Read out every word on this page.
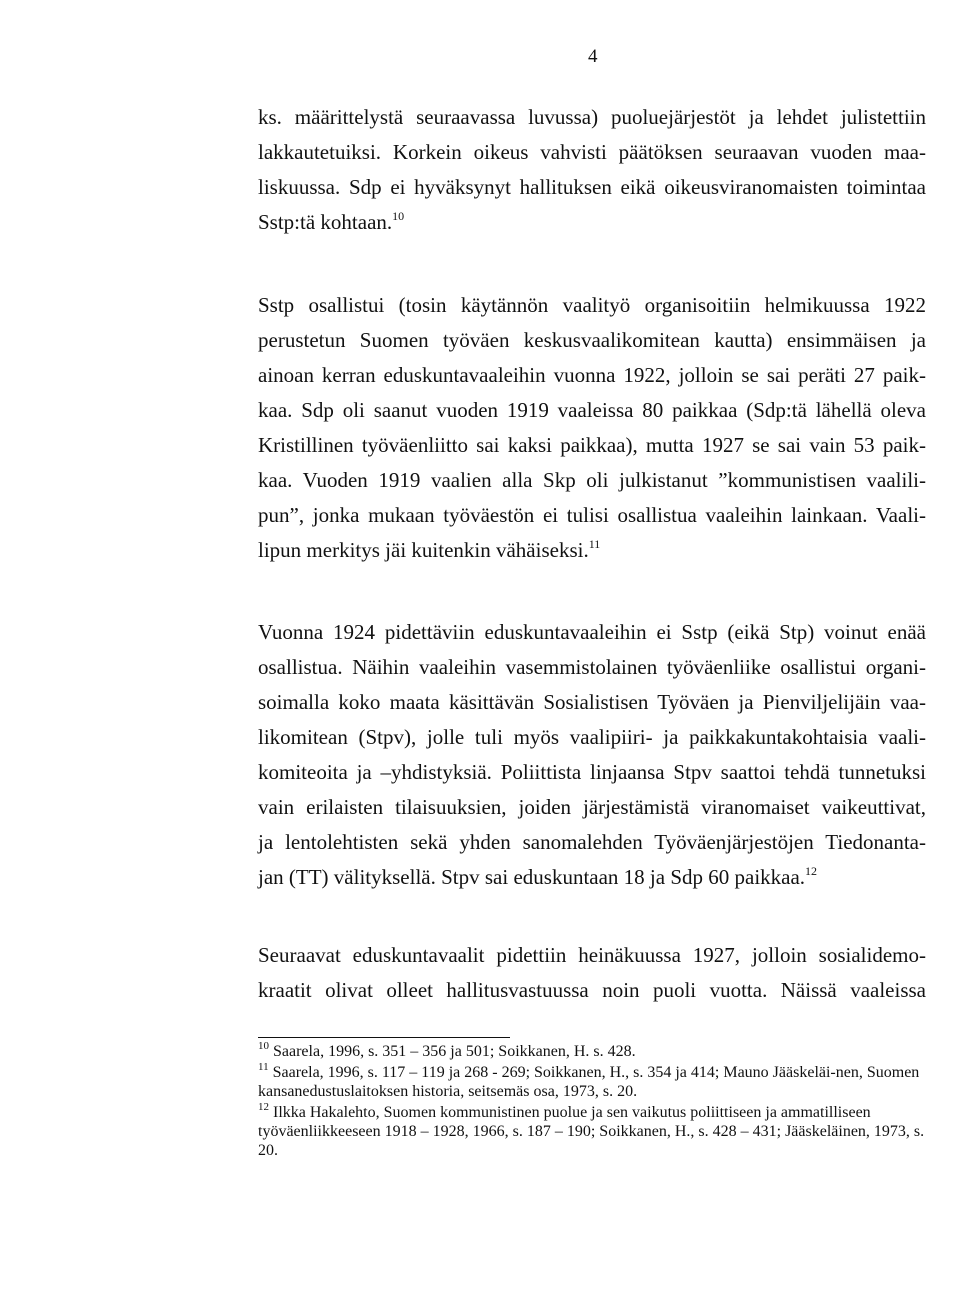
4
ks. määrittelystä seuraavassa luvussa) puoluejärjestöt ja lehdet julistettiin
lakkautetuiksi. Korkein oikeus vahvisti päätöksen seuraavan vuoden maa-
liskuussa. Sdp ei hyväksynyt hallituksen eikä oikeusviranomaisten toimintaa
Sstp:tä kohtaan.$^{10}$
Sstp osallistui (tosin käytännön vaalityö organisoitiin helmikuussa 1922
perustetun Suomen työväen keskusvaalikomitean kautta) ensimmäisen ja
ainoan kerran eduskuntavaaleihin vuonna 1922, jolloin se sai peräti 27 paik-
kaa. Sdp oli saanut vuoden 1919 vaaleissa 80 paikkaa (Sdp:tä lähellä oleva
Kristillinen työväenliitto sai kaksi paikkaa), mutta 1927 se sai vain 53 paik-
kaa. Vuoden 1919 vaalien alla Skp oli julkistanut ”kommunistisen vaalili-
pun”, jonka mukaan työväestön ei tulisi osallistua vaaleihin lainkaan. Vaali-
lipun merkitys jäi kuitenkin vähäiseksi.$^{11}$
Vuonna 1924 pidettäviin eduskuntavaaleihin ei Sstp (eikä Stp) voinut enää
osallistua. Näihin vaaleihin vasemmistolainen työväenliike osallistui organi-
soimalla koko maata käsittävän Sosialistisen Työväen ja Pienviljelijäin vaa-
likomitean (Stpv), jolle tuli myös vaalipiiri- ja paikkakuntakohtaisia vaali-
komiteoita ja –yhdistyksiä. Poliittista linjaansa Stpv saattoi tehdä tunnetuksi
vain erilaisten tilaisuuksien, joiden järjestämistä viranomaiset vaikeuttivat,
ja lentolehtisten sekä yhden sanomalehden Työväenjärjestöjen Tiedonanta-
jan (TT) välityksellä. Stpv sai eduskuntaan 18 ja Sdp 60 paikkaa.$^{12}$
Seuraavat eduskuntavaalit pidettiin heinäkuussa 1927, jolloin sosialidemo-
kraatit olivat olleet hallitusvastuussa noin puoli vuotta. Näissä vaaleissa

$^{10}$ Saarela, 1996, s. 351 – 356 ja 501; Soikkanen, H. s. 428.

$^{11}$ Saarela, 1996, s. 117 – 119 ja 268 - 269; Soikkanen, H., s. 354 ja 414; Mauno Jääskeläi-nen, Suomen kansanedustuslaitoksen historia, seitsemäs osa, 1973, s. 20.

$^{12}$ Ilkka Hakalehto, Suomen kommunistinen puolue ja sen vaikutus poliittiseen ja ammatilliseen työväenliikkeeseen 1918 – 1928, 1966, s. 187 – 190; Soikkanen, H., s. 428 – 431; Jääskeläinen, 1973, s. 20.
